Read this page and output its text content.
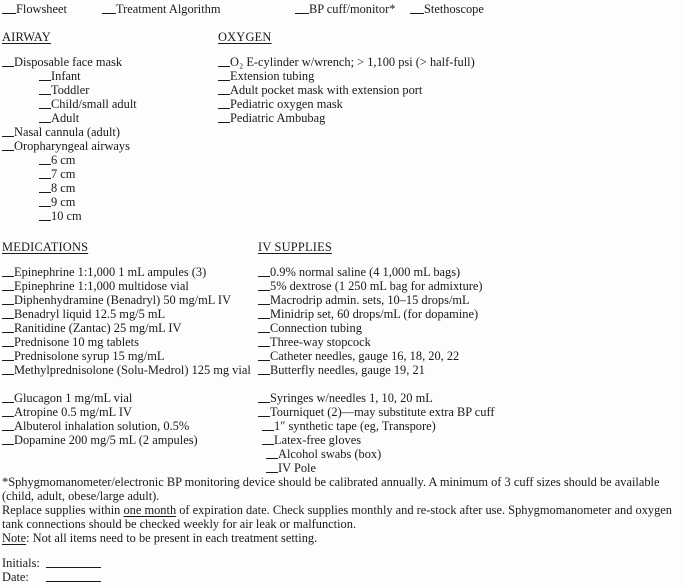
Flowsheet	Treatment Algorithm	BP cuff/monitor*	Stethoscope
AIRWAY
Disposable face mask
Infant
Toddler
Child/small adult
Adult
Nasal cannula (adult)
Oropharyngeal airways
6 cm
7 cm
8 cm
9 cm
10 cm
OXYGEN
O₂ E-cylinder w/wrench; > 1,100 psi (> half-full)
Extension tubing
Adult pocket mask with extension port
Pediatric oxygen mask
Pediatric Ambubag
MEDICATIONS
Epinephrine 1:1,000 1 mL ampules (3)
Epinephrine 1:1,000 multidose vial
Diphenhydramine (Benadryl) 50 mg/mL IV
Benadryl liquid 12.5 mg/5 mL
Ranitidine (Zantac) 25 mg/mL IV
Prednisone 10 mg tablets
Prednisolone syrup 15 mg/mL
Methylprednisolone (Solu-Medrol) 125 mg vial
Glucagon 1 mg/mL vial
Atropine 0.5 mg/mL IV
Albuterol inhalation solution, 0.5%
Dopamine 200 mg/5 mL (2 ampules)
IV SUPPLIES
0.9% normal saline (4 1,000 mL bags)
5% dextrose (1 250 mL bag for admixture)
Macrodrip admin. sets, 10–15 drops/mL
Minidrip set, 60 drops/mL (for dopamine)
Connection tubing
Three-way stopcock
Catheter needles, gauge 16, 18, 20, 22
Butterfly needles, gauge 19, 21
Syringes w/needles 1, 10, 20 mL
Tourniquet (2)—may substitute extra BP cuff
1″ synthetic tape (eg, Transpore)
Latex-free gloves
Alcohol swabs (box)
IV Pole

*Sphygmomanometer/electronic BP monitoring device should be calibrated annually. A minimum of 3 cuff sizes should be available (child, adult, obese/large adult).

Replace supplies within one month of expiration date. Check supplies monthly and re-stock after use. Sphygmomanometer and oxygen tank connections should be checked weekly for air leak or malfunction.

Note: Not all items need to be present in each treatment setting.

Initials:
Date:
